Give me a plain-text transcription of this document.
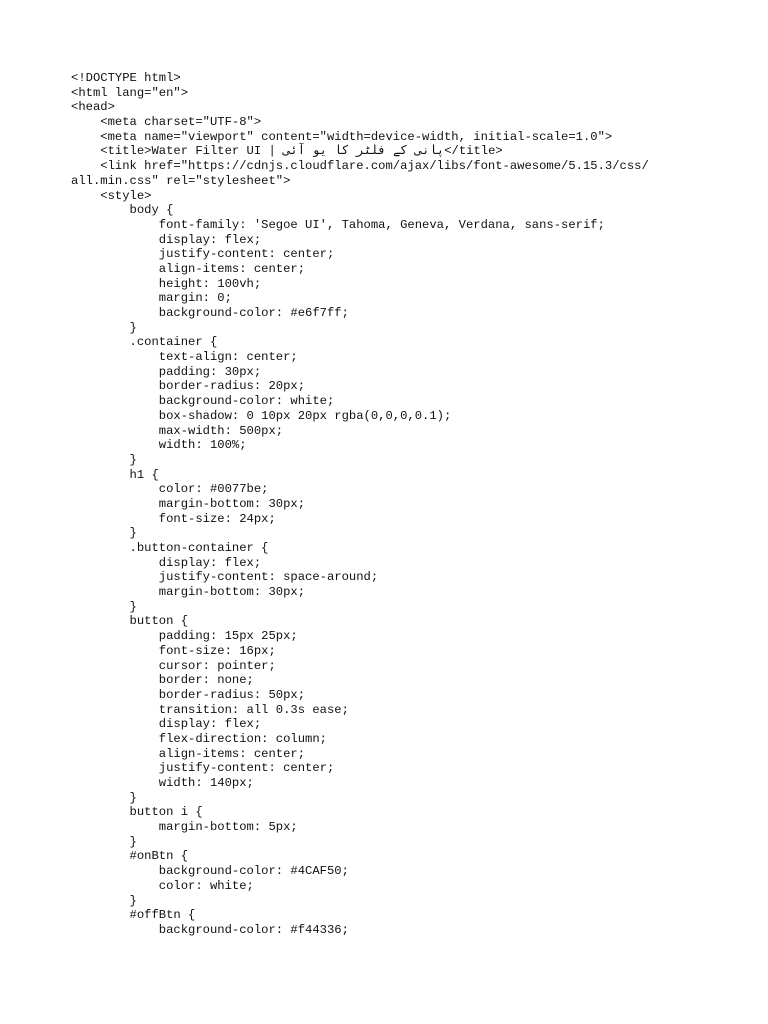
<!DOCTYPE html>
<html lang="en">
<head>
<meta charset="UTF-8">
<meta name="viewport" content="width=device-width, initial-scale=1.0">
<title>Water Filter UI | پانی کے فلٹر کا یو آئی</title>
<link href="https://cdnjs.cloudflare.com/ajax/libs/font-awesome/5.15.3/css/
all.min.css" rel="stylesheet">
<style>
body {
font-family: 'Segoe UI', Tahoma, Geneva, Verdana, sans-serif;
display: flex;
justify-content: center;
align-items: center;
height: 100vh;
margin: 0;
background-color: #e6f7ff;
}
.container {
text-align: center;
padding: 30px;
border-radius: 20px;
background-color: white;
box-shadow: 0 10px 20px rgba(0,0,0,0.1);
max-width: 500px;
width: 100%;
}
h1 {
color: #0077be;
margin-bottom: 30px;
font-size: 24px;
}
.button-container {
display: flex;
justify-content: space-around;
margin-bottom: 30px;
}
button {
padding: 15px 25px;
font-size: 16px;
cursor: pointer;
border: none;
border-radius: 50px;
transition: all 0.3s ease;
display: flex;
flex-direction: column;
align-items: center;
justify-content: center;
width: 140px;
}
button i {
margin-bottom: 5px;
}
#onBtn {
background-color: #4CAF50;
color: white;
}
#offBtn {
background-color: #f44336;
